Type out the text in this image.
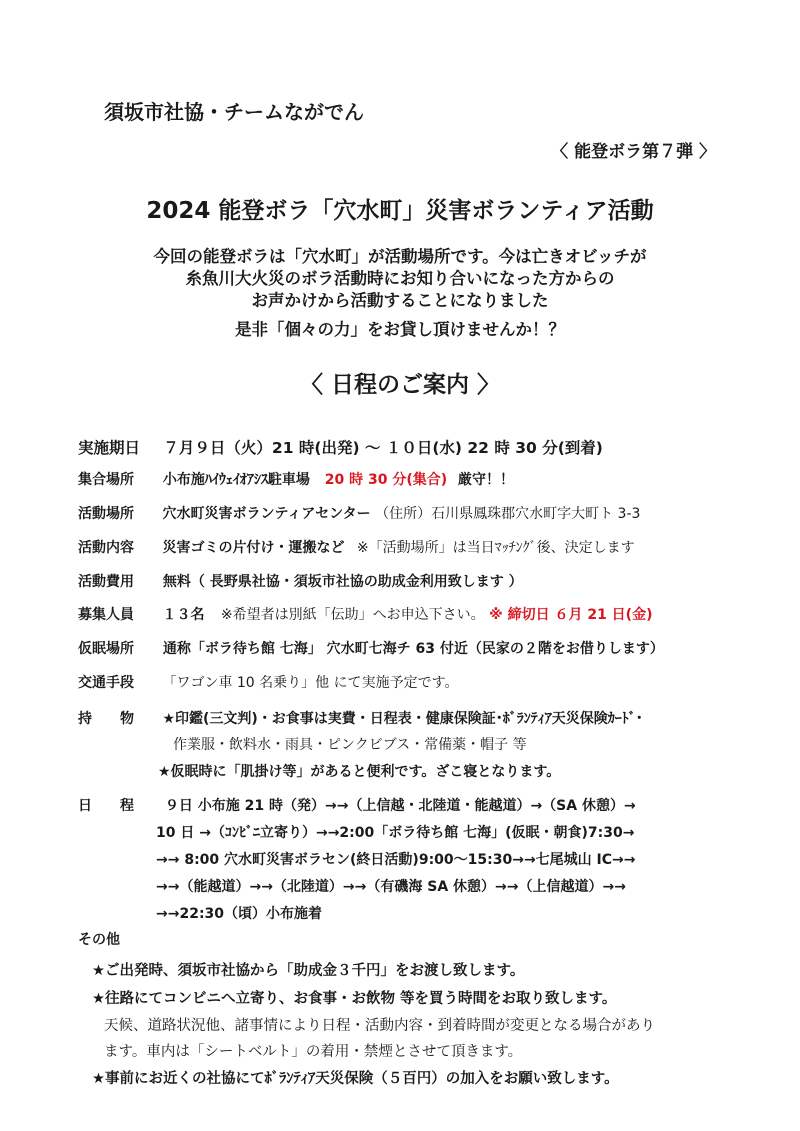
須坂市社協・チームながでん
〈 能登ボラ第７弾 〉
2024 能登ボラ「穴水町」災害ボランティア活動
今回の能登ボラは「穴水町」が活動場所です。今は亡きオビッチが
糸魚川大火災のボラ活動時にお知り合いになった方からの
お声かけから活動することになりました
是非「個々の力」をお貸し頂けませんか！？
〈 日程のご案内 〉
実施期日 ７月９日（火）21 時(出発) ～ １０日(水) 22 時 30 分(到着)
集合場所 小布施ﾊｲｳｪｲｵｱｼｽ駐車場 20 時 30 分(集合) 厳守！！
活動場所 穴水町災害ボランティアセンター （住所）石川県鳳珠郡穴水町字大町ト 3-3
活動内容 災害ゴミの片付け・運搬など ※「活動場所」は当日ﾏｯﾁﾝｸﾞ後、決定します
活動費用 無料（ 長野県社協・須坂市社協の助成金利用致します ）
募集人員 １３名 ※希望者は別紙「伝助」へお申込下さい。 ※ 締切日 ６月 21 日(金)
仮眠場所 通称「ボラ待ち館 七海」 穴水町七海チ 63 付近（民家の２階をお借りします）
交通手段 「ワゴン車 10 名乗り」他 にて実施予定です。
持　　物 ★印鑑(三文判)・お食事は実費・日程表・健康保険証･ﾎﾞﾗﾝﾃｨｱ天災保険ｶｰﾄﾞ･
作業服・飲料水・雨具・ピンクビブス・常備薬・帽子 等
★仮眠時に「肌掛け等」があると便利です。ざこ寝となります。
日　　程 ９日 小布施 21 時（発）→→（上信越・北陸道・能越道）→（SA 休憩）→
10 日 →（ｺﾝﾋﾞﾆ立寄り）→→2:00「ボラ待ち館 七海」(仮眠・朝食)7:30→
→→ 8:00 穴水町災害ボラセン(終日活動)9:00～15:30→→七尾城山 IC→→
→→（能越道）→→（北陸道）→→（有磯海 SA 休憩）→→（上信越道）→→
→→22:30（頃）小布施着
その他
★ご出発時、須坂市社協から「助成金３千円」をお渡し致します。
★往路にてコンビニへ立寄り、お食事・お飲物 等を買う時間をお取り致します。
天候、道路状況他、諸事情により日程・活動内容・到着時間が変更となる場合があり
ます。車内は「シートベルト」の着用・禁煙とさせて頂きます。
★事前にお近くの社協にてﾎﾞﾗﾝﾃｨｱ天災保険（５百円）の加入をお願い致します。
